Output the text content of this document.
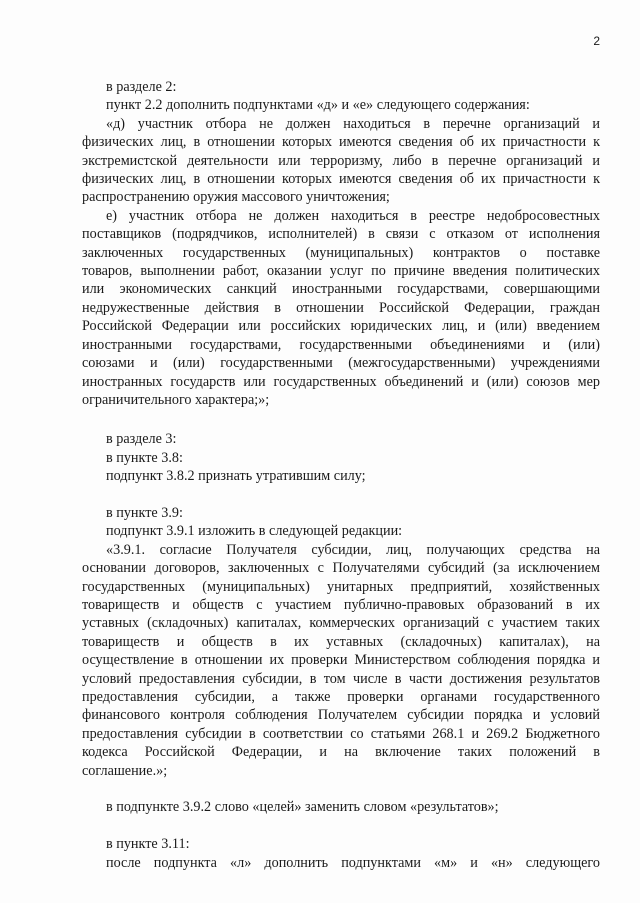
2
в разделе 2:
пункт 2.2 дополнить подпунктами «д» и «е» следующего содержания:
«д) участник отбора не должен находиться в перечне организаций и
физических лиц, в отношении которых имеются сведения об их причастности к
экстремистской деятельности или терроризму, либо в перечне организаций и
физических лиц, в отношении которых имеются сведения об их причастности к
распространению оружия массового уничтожения;
е) участник отбора не должен находиться в реестре недобросовестных
поставщиков (подрядчиков, исполнителей) в связи с отказом от исполнения
заключенных государственных (муниципальных) контрактов о поставке
товаров, выполнении работ, оказании услуг по причине введения политических
или экономических санкций иностранными государствами, совершающими
недружественные действия в отношении Российской Федерации, граждан
Российской Федерации или российских юридических лиц, и (или) введением
иностранными государствами, государственными объединениями и (или)
союзами и (или) государственными (межгосударственными) учреждениями
иностранных государств или государственных объединений и (или) союзов мер
ограничительного характера;»;
в разделе 3:
в пункте 3.8:
подпункт 3.8.2 признать утратившим силу;
в пункте 3.9:
подпункт 3.9.1 изложить в следующей редакции:
«3.9.1. согласие Получателя субсидии, лиц, получающих средства на
основании договоров, заключенных с Получателями субсидий (за исключением
государственных (муниципальных) унитарных предприятий, хозяйственных
товариществ и обществ с участием публично-правовых образований в их
уставных (складочных) капиталах, коммерческих организаций с участием таких
товариществ и обществ в их уставных (складочных) капиталах), на
осуществление в отношении их проверки Министерством соблюдения порядка и
условий предоставления субсидии, в том числе в части достижения результатов
предоставления субсидии, а также проверки органами государственного
финансового контроля соблюдения Получателем субсидии порядка и условий
предоставления субсидии в соответствии со статьями 268.1 и 269.2 Бюджетного
кодекса Российской Федерации, и на включение таких положений в
соглашение.»;
в подпункте 3.9.2 слово «целей» заменить словом «результатов»;
в пункте 3.11:
после подпункта «л» дополнить подпунктами «м» и «н» следующего
